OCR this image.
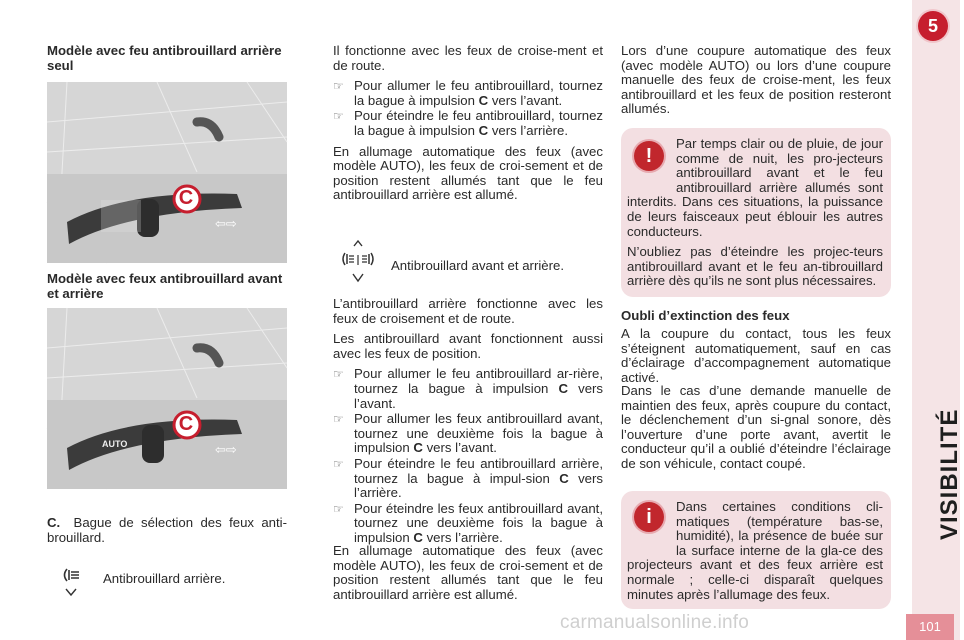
5
VISIBILITÉ
101
carmanualsonline.info
Modèle avec feu antibrouillard arrière seul
C
⇦⇨
Modèle avec feux antibrouillard avant et arrière
C
AUTO	⇦⇨
C. Bague de sélection des feux anti-brouillard.
Antibrouillard arrière.

Il fonctionne avec les feux de croise-ment et de route.

☞ Pour allumer le feu antibrouillard, tournez la bague à impulsion C vers l’avant.

☞ Pour éteindre le feu antibrouillard, tournez la bague à impulsion C vers l’arrière.

En allumage automatique des feux (avec modèle AUTO), les feux de croi-sement et de position restent allumés tant que le feu antibrouillard arrière est allumé.

Antibrouillard avant et arrière.

L’antibrouillard arrière fonctionne avec les feux de croisement et de route.

Les antibrouillard avant fonctionnent aussi avec les feux de position.

☞ Pour allumer le feu antibrouillard ar-rière, tournez la bague à impulsion C vers l’avant.

☞ Pour allumer les feux antibrouillard avant, tournez une deuxième fois la bague à impulsion C vers l’avant.

☞ Pour éteindre le feu antibrouillard arrière, tournez la bague à impul-sion C vers l’arrière.

☞ Pour éteindre les feux antibrouillard avant, tournez une deuxième fois la bague à impulsion C vers l’arrière.

En allumage automatique des feux (avec modèle AUTO), les feux de croi-sement et de position restent allumés tant que le feu antibrouillard arrière est allumé.

Lors d’une coupure automatique des feux (avec modèle AUTO) ou lors d’une coupure manuelle des feux de croise-ment, les feux antibrouillard et les feux de position resteront allumés.

!

Par temps clair ou de pluie, de jour comme de nuit, les pro-jecteurs antibrouillard avant et le feu antibrouillard arrière allumés sont interdits. Dans ces situations, la puissance de leurs faisceaux peut éblouir les autres conducteurs.

N’oubliez pas d’éteindre les projec-teurs antibrouillard avant et le feu an-tibrouillard arrière dès qu’ils ne sont plus nécessaires.

Oubli d’extinction des feux

A la coupure du contact, tous les feux s’éteignent automatiquement, sauf en cas d’éclairage d’accompagnement automatique activé.

Dans le cas d’une demande manuelle de maintien des feux, après coupure du contact, le déclenchement d’un si-gnal sonore, dès l’ouverture d’une porte avant, avertit le conducteur qu’il a oublié d’éteindre l’éclairage de son véhicule, contact coupé.

i	Dans certaines conditions cli-matiques (température bas-se, humidité), la présence de buée sur la surface interne de la gla-ce des projecteurs avant et des feux arrière est normale ; celle-ci disparaît quelques minutes après l’allumage des feux.
